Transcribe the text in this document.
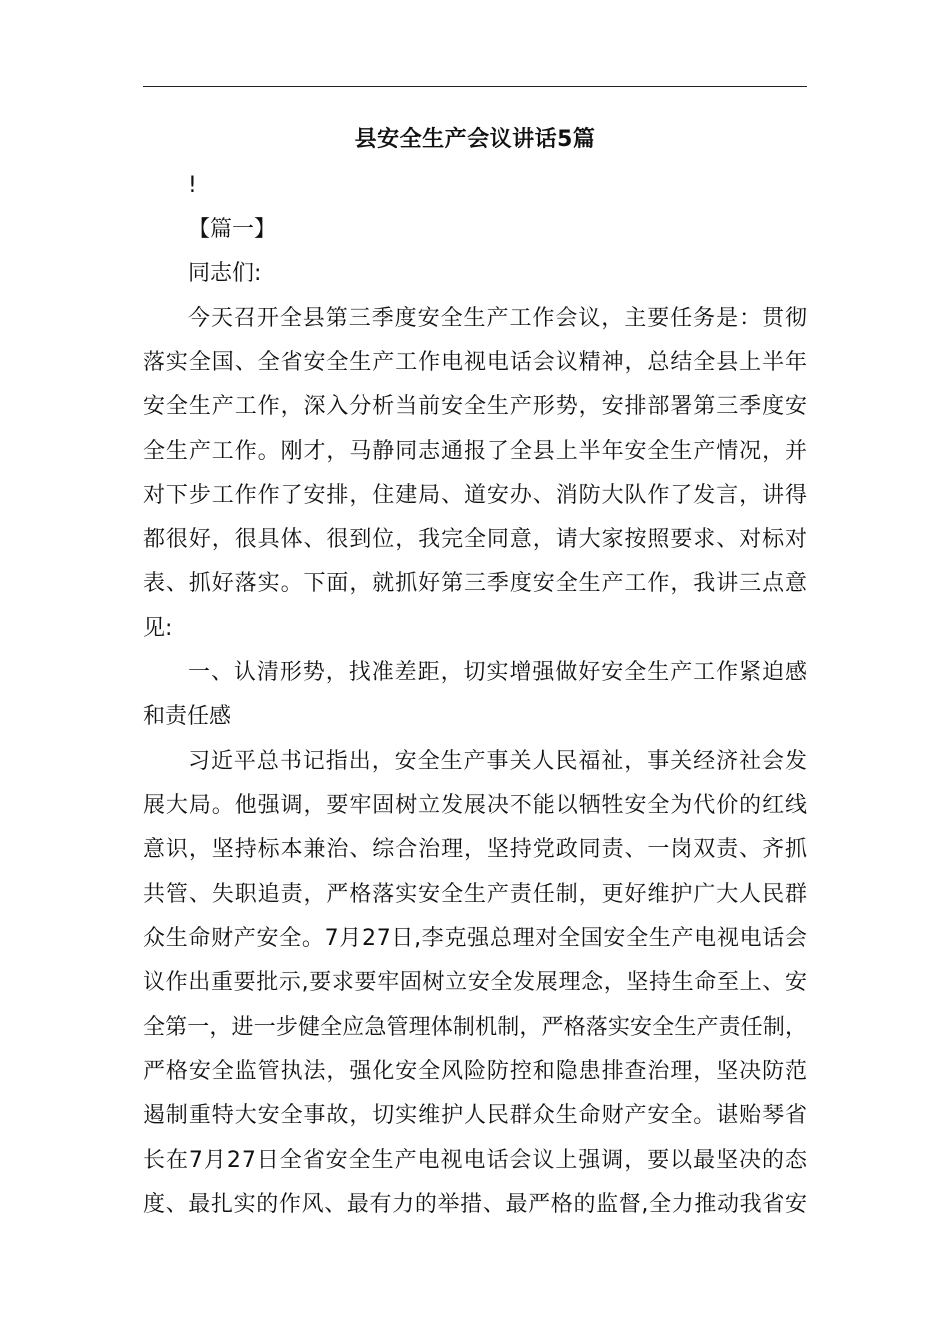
县安全生产会议讲话5篇
!
【篇一】
同志们:
今天召开全县第三季度安全生产工作会议，主要任务是：贯彻
落实全国、全省安全生产工作电视电话会议精神，总结全县上半年
安全生产工作，深入分析当前安全生产形势，安排部署第三季度安
全生产工作。刚才，马静同志通报了全县上半年安全生产情况，并
对下步工作作了安排，住建局、道安办、消防大队作了发言，讲得
都很好，很具体、很到位，我完全同意，请大家按照要求、对标对
表、抓好落实。下面，就抓好第三季度安全生产工作，我讲三点意
见:
一、认清形势，找准差距，切实增强做好安全生产工作紧迫感
和责任感
习近平总书记指出，安全生产事关人民福祉，事关经济社会发
展大局。他强调，要牢固树立发展决不能以牺牲安全为代价的红线
意识，坚持标本兼治、综合治理，坚持党政同责、一岗双责、齐抓
共管、失职追责，严格落实安全生产责任制，更好维护广大人民群
众生命财产安全。7月27日,李克强总理对全国安全生产电视电话会
议作出重要批示,要求要牢固树立安全发展理念，坚持生命至上、安
全第一，进一步健全应急管理体制机制，严格落实安全生产责任制，
严格安全监管执法，强化安全风险防控和隐患排查治理，坚决防范
遏制重特大安全事故，切实维护人民群众生命财产安全。谌贻琴省
长在7月27日全省安全生产电视电话会议上强调，要以最坚决的态
度、最扎实的作风、最有力的举措、最严格的监督,全力推动我省安
